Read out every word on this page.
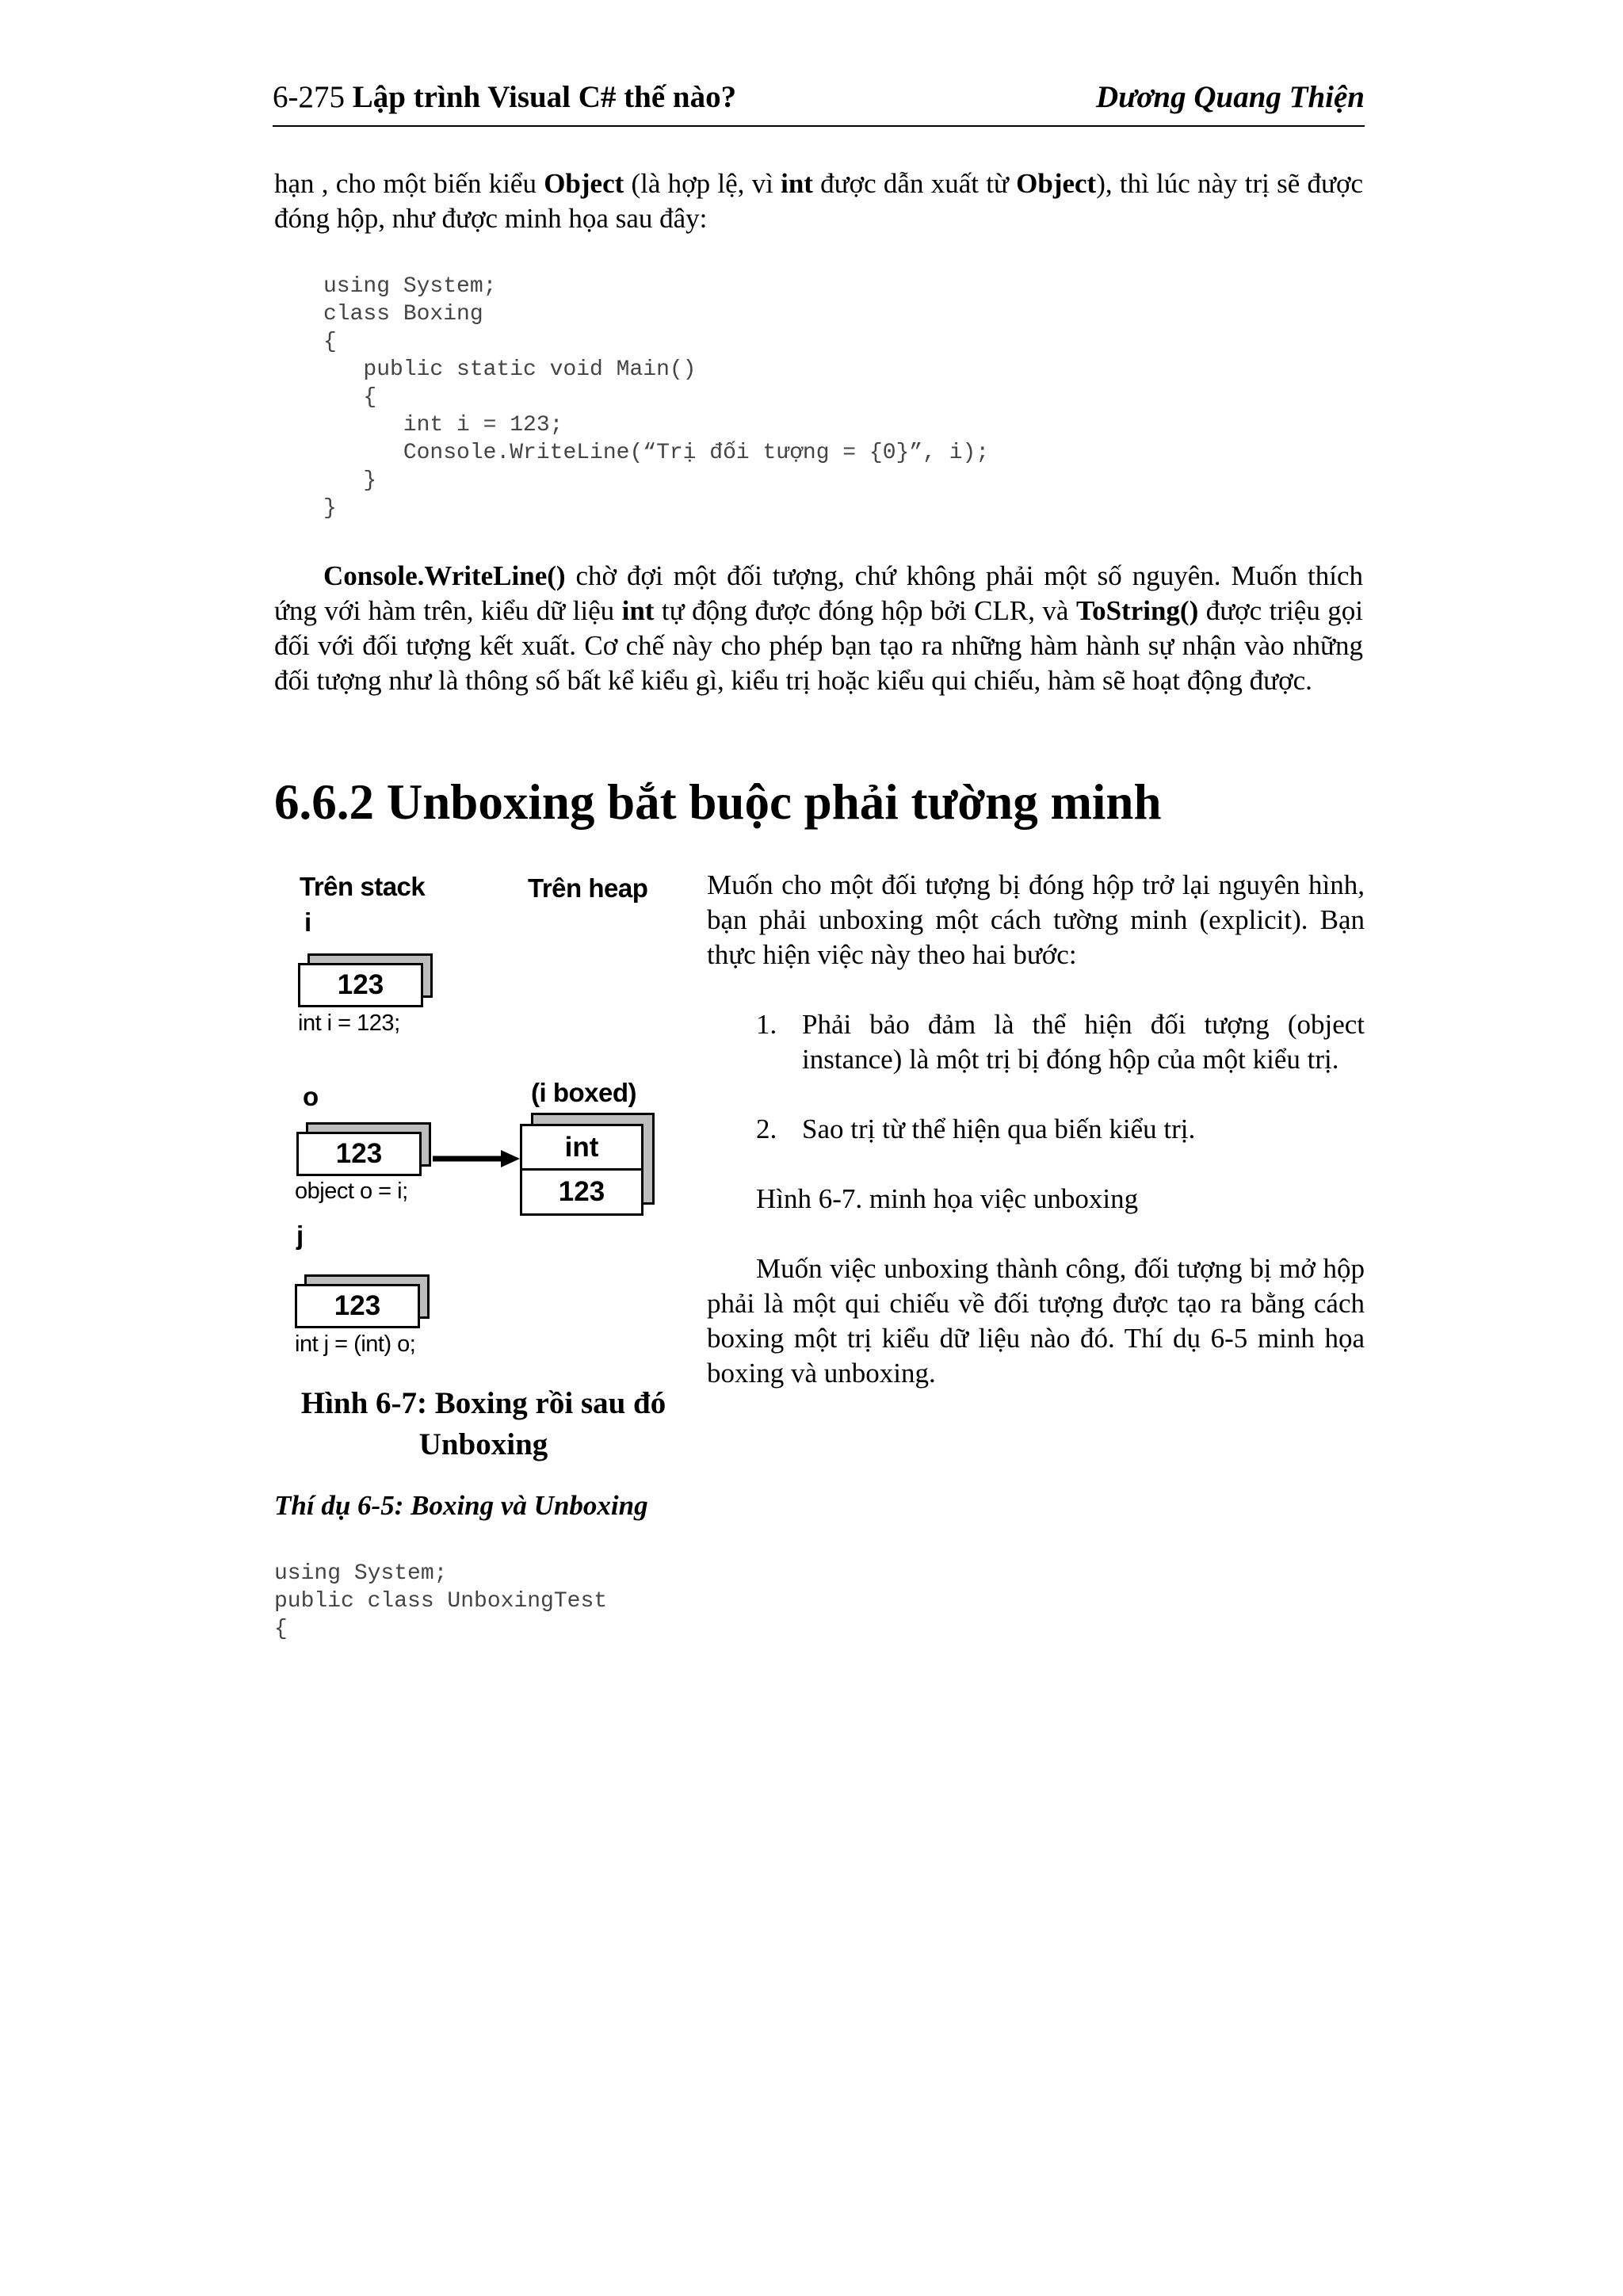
6-275 Lập trình Visual C# thế nào?	Dương Quang Thiện
hạn , cho một biến kiểu Object (là hợp lệ, vì int được dẫn xuất từ Object), thì lúc này trị sẽ được đóng hộp, như được minh họa sau đây:
using System;
class Boxing
{
public static void Main()
{
int i = 123;
Console.WriteLine(“Trị đối tượng = {0}”, i);
}
}
Console.WriteLine() chờ đợi một đối tượng, chứ không phải một số nguyên. Muốn thích ứng với hàm trên, kiểu dữ liệu int tự động được đóng hộp bởi CLR, và ToString() được triệu gọi đối với đối tượng kết xuất. Cơ chế này cho phép bạn tạo ra những hàm hành sự nhận vào những đối tượng như là thông số bất kể kiểu gì, kiểu trị hoặc kiểu qui chiếu, hàm sẽ hoạt động được.
6.6.2 Unboxing bắt buộc phải tường minh
Trên stack	Trên heap
i
123
int i = 123;
o	(i boxed)
123	int
123
object o = i;
j
123
int j = (int) o;
Hình 6-7: Boxing rồi sau đó Unboxing

Muốn cho một đối tượng bị đóng hộp trở lại nguyên hình, bạn phải unboxing một cách tường minh (explicit). Bạn thực hiện việc này theo hai bước:

1. Phải bảo đảm là thể hiện đối tượng (object instance) là một trị bị đóng hộp của một kiểu trị.
2. Sao trị từ thể hiện qua biến kiểu trị.

Hình 6-7. minh họa việc unboxing

Muốn việc unboxing thành công, đối tượng bị mở hộp phải là một qui chiếu về đối tượng được tạo ra bằng cách boxing một trị kiểu dữ liệu nào đó. Thí dụ 6-5 minh họa boxing và unboxing.

Thí dụ 6-5: Boxing và Unboxing
using System;
public class UnboxingTest
{
